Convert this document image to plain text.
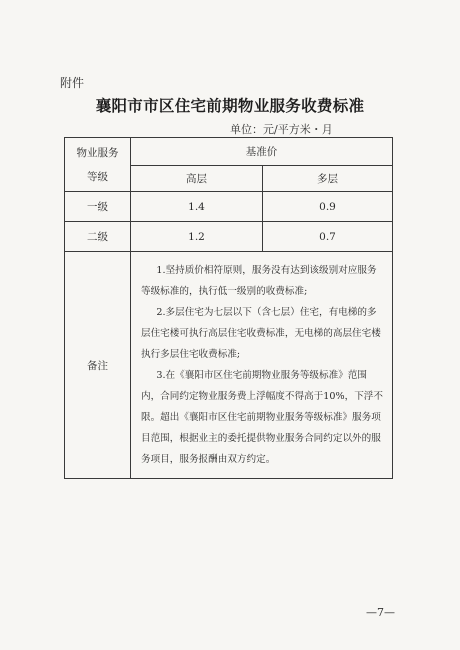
附件
襄阳市市区住宅前期物业服务收费标准
单位：元/平方米・月
物业服务
等级	基准价	
	高层	多层
一级	1.4	0.9
二级	1.2	0.7
备注	1.坚持质价相符原则，服务没有达到该级别对应服务等级标准的，执行低一级别的收费标准;

2.多层住宅为七层以下（含七层）住宅，有电梯的多层住宅楼可执行高层住宅收费标准，无电梯的高层住宅楼执行多层住宅收费标准;

3.在《襄阳市区住宅前期物业服务等级标准》范围内，合同约定物业服务费上浮幅度不得高于10%，下浮不限。超出《襄阳市区住宅前期物业服务等级标准》服务项目范围，根据业主的委托提供物业服务合同约定以外的服务项目，服务报酬由双方约定。	

—7—
